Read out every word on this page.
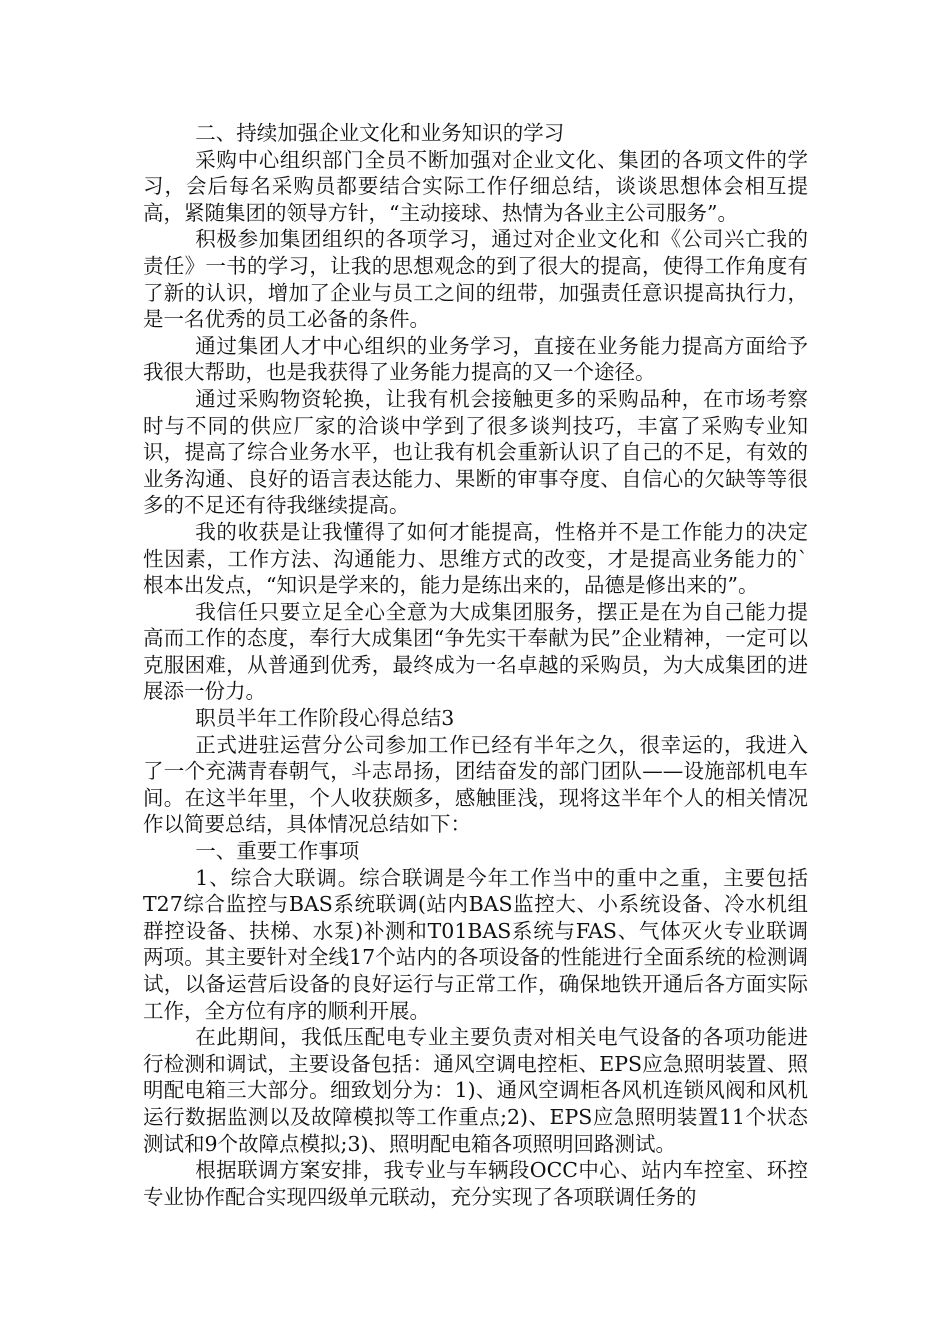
二、持续加强企业文化和业务知识的学习

采购中心组织部门全员不断加强对企业文化、集团的各项文件的学习，会后每名采购员都要结合实际工作仔细总结，谈谈思想体会相互提高，紧随集团的领导方针，“主动接球、热情为各业主公司服务”。

积极参加集团组织的各项学习，通过对企业文化和《公司兴亡我的责任》一书的学习，让我的思想观念的到了很大的提高，使得工作角度有了新的认识，增加了企业与员工之间的纽带，加强责任意识提高执行力，是一名优秀的员工必备的条件。

通过集团人才中心组织的业务学习，直接在业务能力提高方面给予我很大帮助，也是我获得了业务能力提高的又一个途径。

通过采购物资轮换，让我有机会接触更多的采购品种，在市场考察时与不同的供应厂家的洽谈中学到了很多谈判技巧，丰富了采购专业知识，提高了综合业务水平，也让我有机会重新认识了自己的不足，有效的业务沟通、良好的语言表达能力、果断的审事夺度、自信心的欠缺等等很多的不足还有待我继续提高。

我的收获是让我懂得了如何才能提高，性格并不是工作能力的决定性因素，工作方法、沟通能力、思维方式的改变，才是提高业务能力的`根本出发点，“知识是学来的，能力是练出来的，品德是修出来的”。

我信任只要立足全心全意为大成集团服务，摆正是在为自己能力提高而工作的态度，奉行大成集团“争先实干奉献为民”企业精神，一定可以克服困难，从普通到优秀，最终成为一名卓越的采购员，为大成集团的进展添一份力。

职员半年工作阶段心得总结3

正式进驻运营分公司参加工作已经有半年之久，很幸运的，我进入了一个充满青春朝气，斗志昂扬，团结奋发的部门团队——设施部机电车间。在这半年里，个人收获颇多，感触匪浅，现将这半年个人的相关情况作以简要总结，具体情况总结如下：

一、重要工作事项

1、综合大联调。综合联调是今年工作当中的重中之重，主要包括T27综合监控与BAS系统联调(站内BAS监控大、小系统设备、冷水机组群控设备、扶梯、水泵)补测和T01BAS系统与FAS、气体灭火专业联调两项。其主要针对全线17个站内的各项设备的性能进行全面系统的检测调试，以备运营后设备的良好运行与正常工作，确保地铁开通后各方面实际工作，全方位有序的顺利开展。

在此期间，我低压配电专业主要负责对相关电气设备的各项功能进行检测和调试，主要设备包括：通风空调电控柜、EPS应急照明装置、照明配电箱三大部分。细致划分为：1)、通风空调柜各风机连锁风阀和风机运行数据监测以及故障模拟等工作重点;2)、EPS应急照明装置11个状态测试和9个故障点模拟;3)、照明配电箱各项照明回路测试。

根据联调方案安排，我专业与车辆段OCC中心、站内车控室、环控专业协作配合实现四级单元联动，充分实现了各项联调任务的
